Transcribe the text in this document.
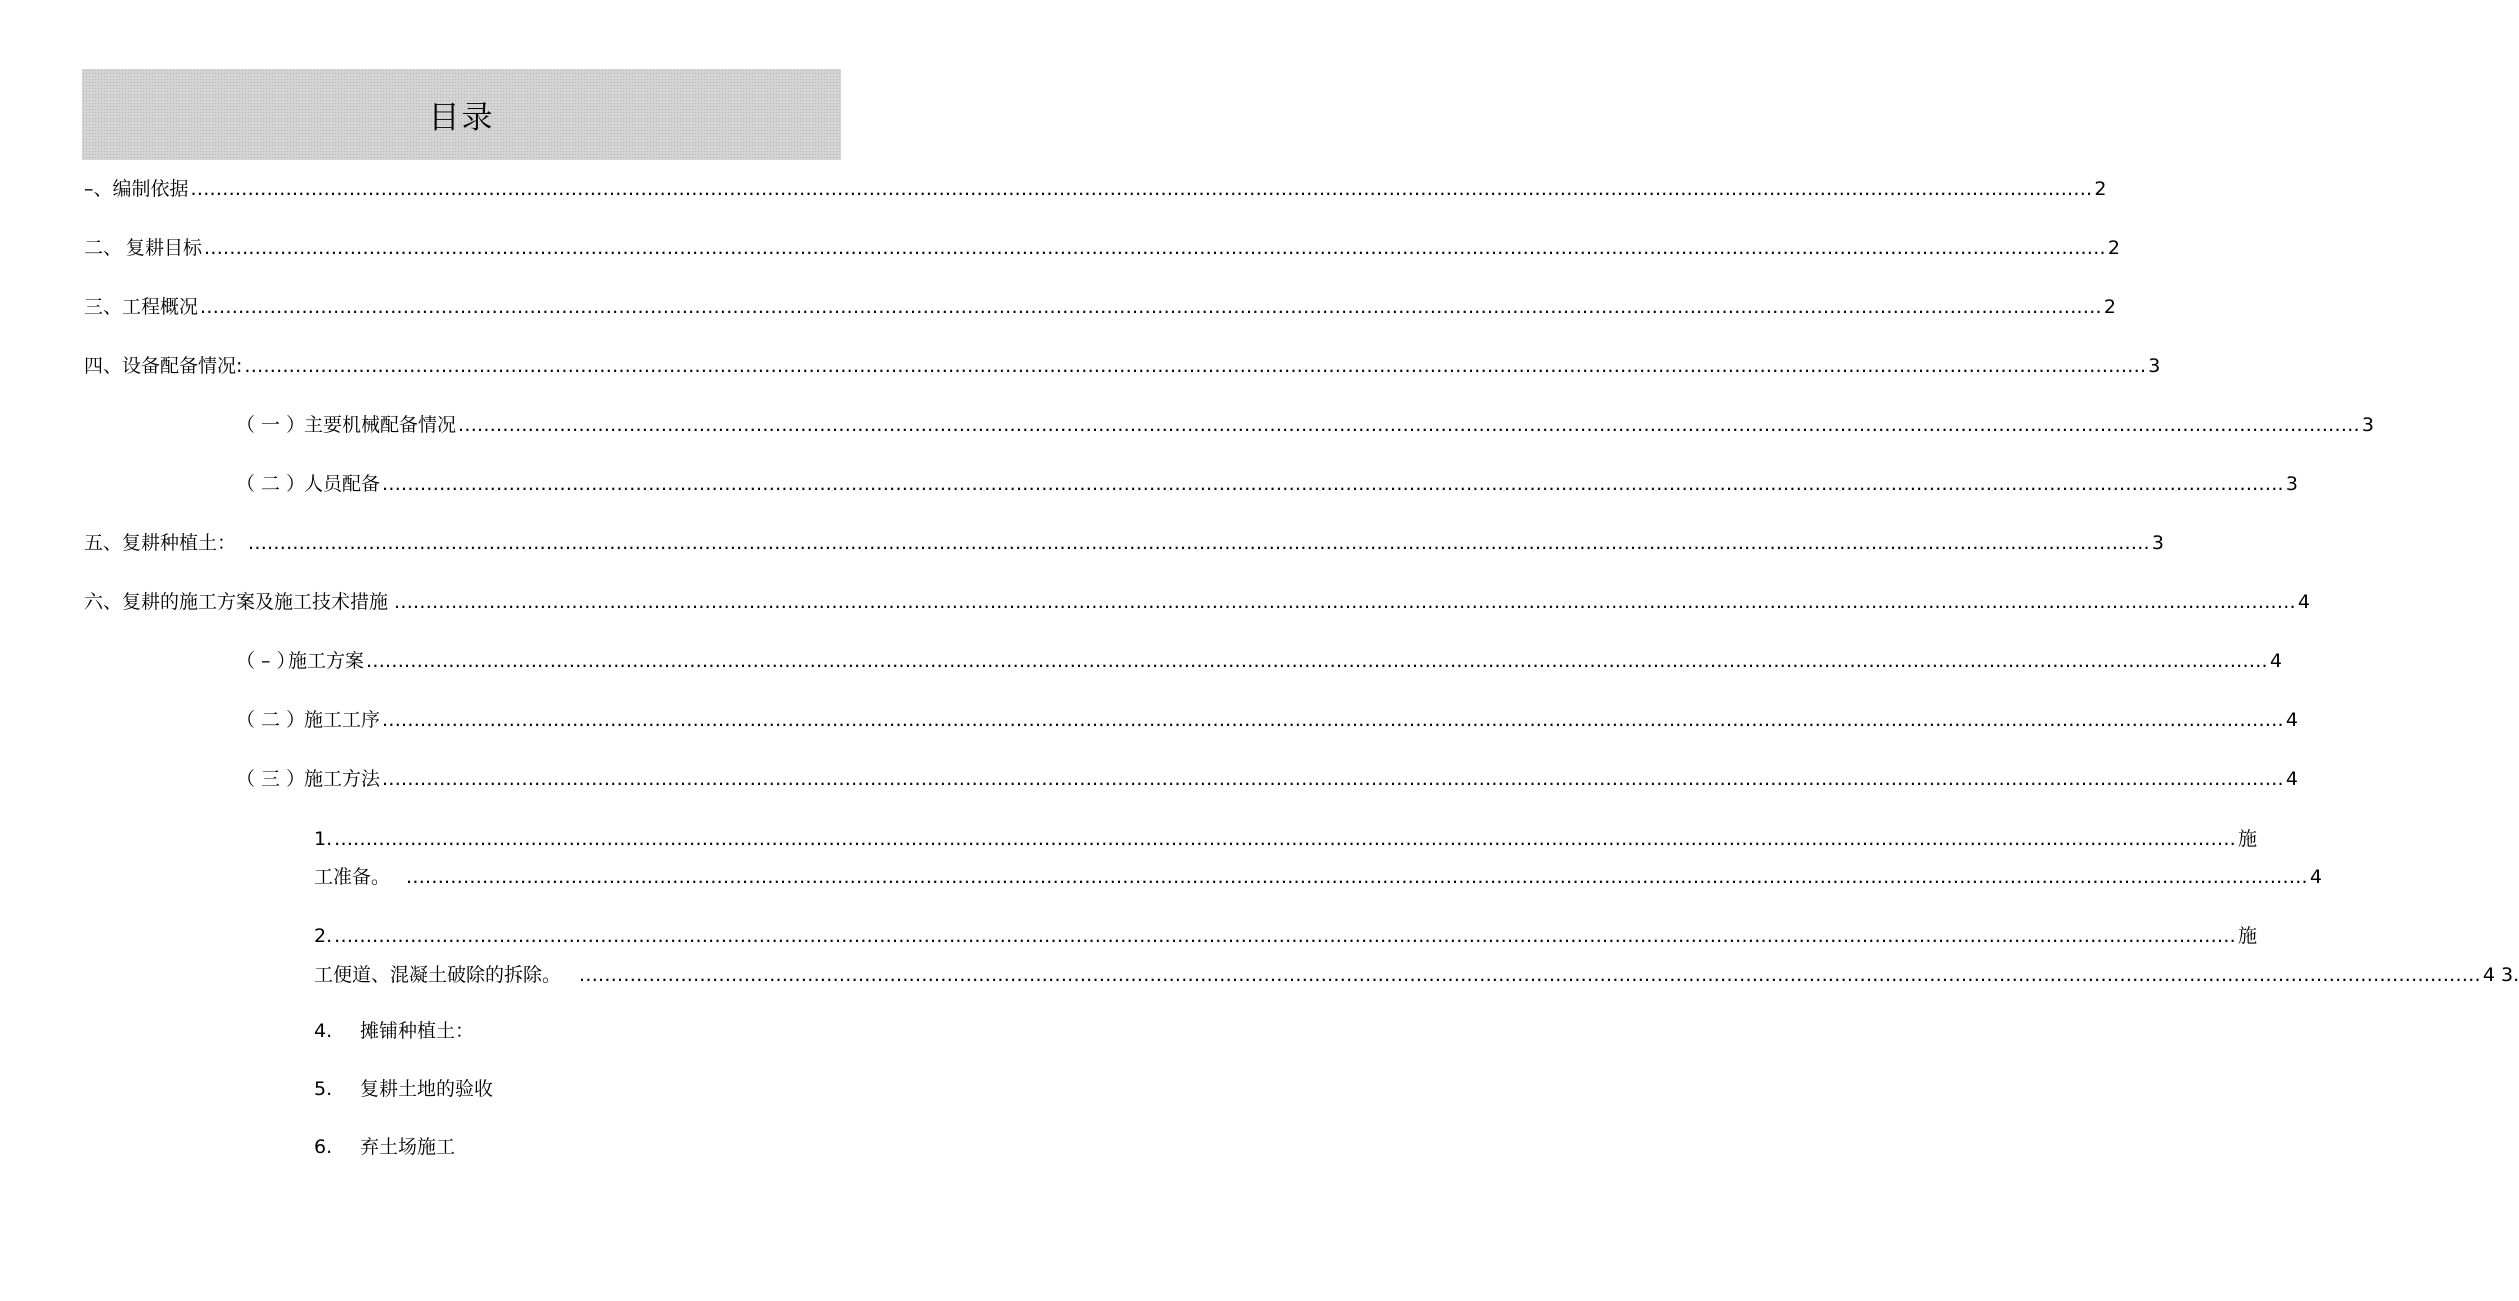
目录
–、 编制依据 ............................................................................................................................................................................................................................................................................................................ 2
二、 复耕目标 ............................................................................................................................................................................................................................................................................................................ 2
三、 工程概况 ............................................................................................................................................................................................................................................................................................................ 2
四、 设备配备情况: ............................................................................................................................................................................................................................................................................................................ 3
（ 一 ）
主要机械配备情况 ............................................................................................................................................................................................................................................................................................................ 3
（ 二 ）
人员配备 ............................................................................................................................................................................................................................................................................................................ 3
五、 复耕种植土： ............................................................................................................................................................................................................................................................................................................ 3
六、 复耕的施工方案及施工技术措施 ............................................................................................................................................................................................................................................................................................................ 4
（ – ）
施工方案 ............................................................................................................................................................................................................................................................................................................ 4
（ 二 ）
施工工序 ............................................................................................................................................................................................................................................................................................................ 4
（ 三 ）
施工方法 ............................................................................................................................................................................................................................................................................................................ 4
1. ............................................................................................................................................................................................................................................................................................................ 施
工准备。 ............................................................................................................................................................................................................................................................................................................ 4
2. ............................................................................................................................................................................................................................................................................................................ 施
工便道、混凝土破除的拆除。 ............................................................................................................................................................................................................................................................................................................ 4 3.
4. 摊铺种植土：
5. 复耕土地的验收
6. 弃土场施工
